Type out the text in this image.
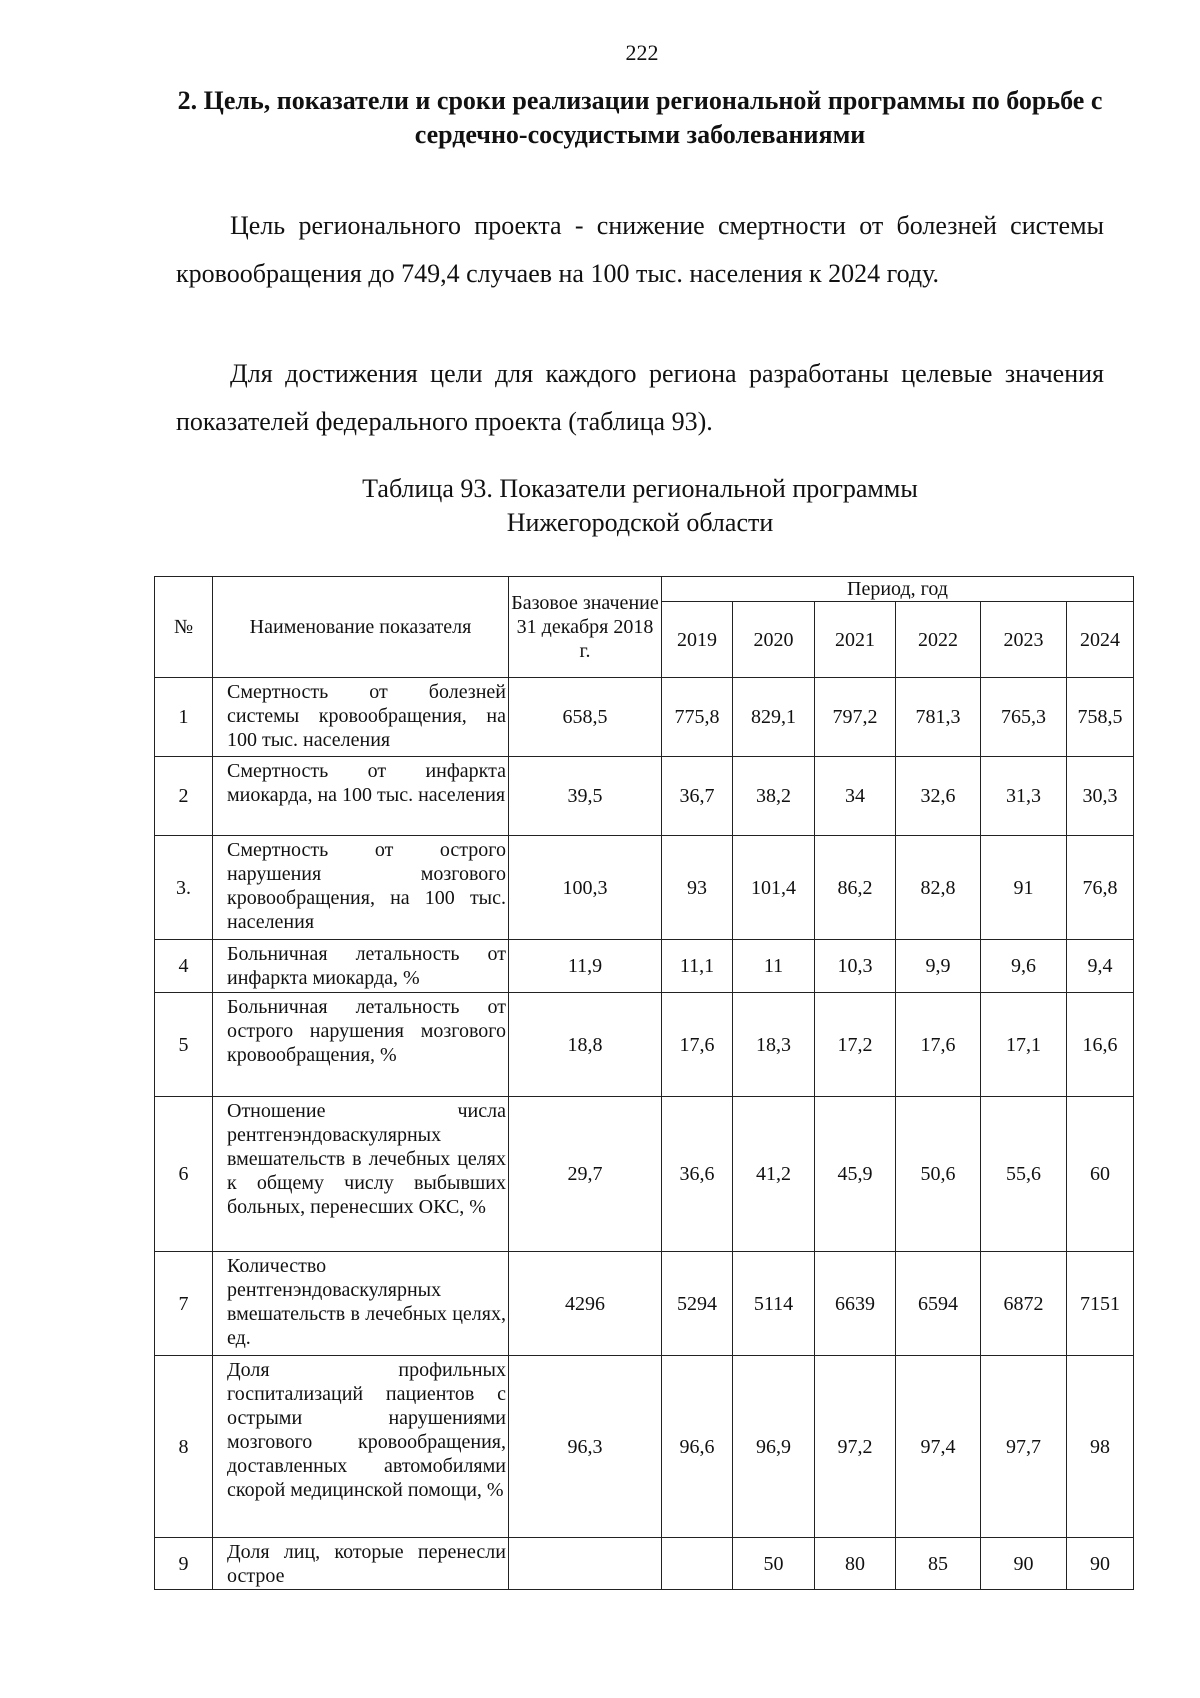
222
2. Цель, показатели и сроки реализации региональной программы по борьбе с сердечно-сосудистыми заболеваниями

Цель регионального проекта - снижение смертности от болезней системы кровообращения до 749,4 случаев на 100 тыс. населения к 2024 году.

Для достижения цели для каждого региона разработаны целевые значения показателей федерального проекта (таблица 93).

Таблица 93. Показатели региональной программы
Нижегородской области
№	Наименование показателя	Базовое значение 31 декабря 2018 г.	Период, год					
			2019	2020	2021	2022	2023	2024
1	Смертность от болезней системы кровообращения, на 100 тыс. населения	658,5	775,8	829,1	797,2	781,3	765,3	758,5
2	Смертность от инфаркта миокарда, на 100 тыс. населения	39,5	36,7	38,2	34	32,6	31,3	30,3
3.	Смертность от острого нарушения мозгового кровообращения, на 100 тыс. населения	100,3	93	101,4	86,2	82,8	91	76,8
4	Больничная летальность от инфаркта миокарда, %	11,9	11,1	11	10,3	9,9	9,6	9,4
5	Больничная летальность от острого нарушения мозгового кровообращения, %	18,8	17,6	18,3	17,2	17,6	17,1	16,6
6	Отношение числа рентгенэндоваскулярных вмешательств в лечебных целях к общему числу выбывших больных, перенесших ОКС, %	29,7	36,6	41,2	45,9	50,6	55,6	60
7	Количество рентгенэндоваскулярных вмешательств в лечебных целях, ед.	4296	5294	5114	6639	6594	6872	7151
8	Доля профильных госпитализаций пациентов с острыми нарушениями мозгового кровообращения, доставленных автомобилями скорой медицинской помощи, %	96,3	96,6	96,9	97,2	97,4	97,7	98
9	Доля лиц, которые перенесли острое			50	80	85	90	90
